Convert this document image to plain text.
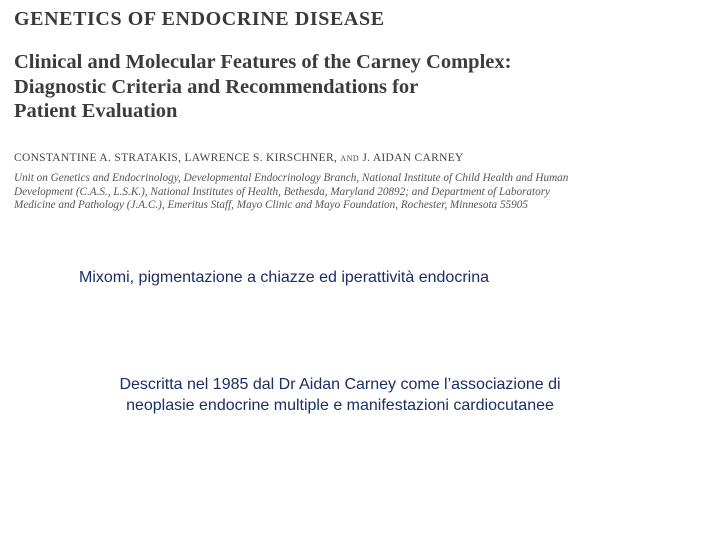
GENETICS OF ENDOCRINE DISEASE
Clinical and Molecular Features of the Carney Complex:
Diagnostic Criteria and Recommendations for
Patient Evaluation
CONSTANTINE A. STRATAKIS, LAWRENCE S. KIRSCHNER, AND J. AIDAN CARNEY
Unit on Genetics and Endocrinology, Developmental Endocrinology Branch, National Institute of Child Health and Human
Development (C.A.S., L.S.K.), National Institutes of Health, Bethesda, Maryland 20892; and Department of Laboratory
Medicine and Pathology (J.A.C.), Emeritus Staff, Mayo Clinic and Mayo Foundation, Rochester, Minnesota 55905
Mixomi, pigmentazione a chiazze ed iperattività endocrina
Descritta nel 1985 dal Dr Aidan Carney come l’associazione di
neoplasie endocrine multiple e manifestazioni cardiocutanee
